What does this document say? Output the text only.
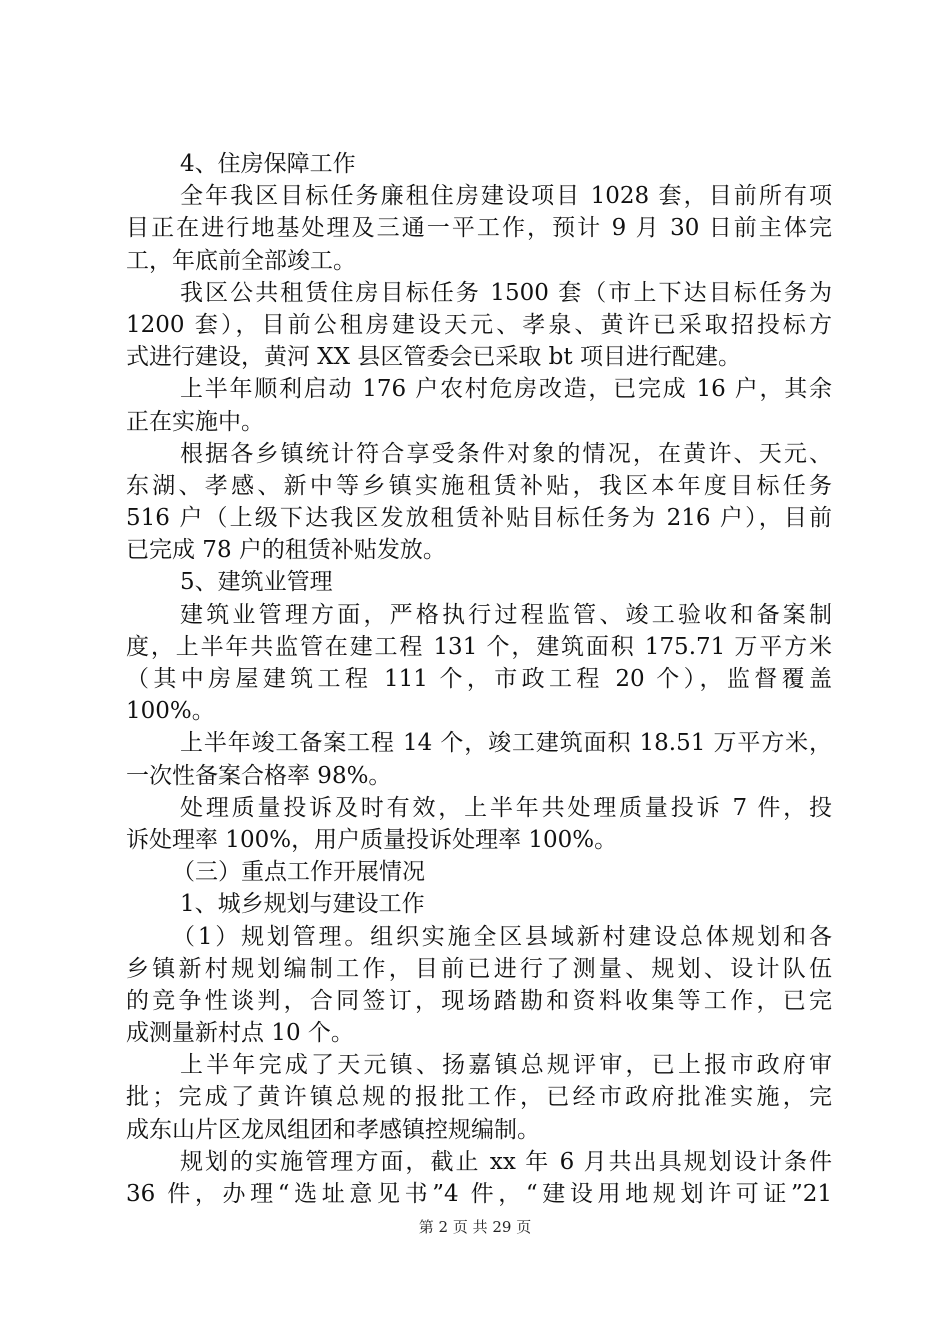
4、住房保障工作
全年我区目标任务廉租住房建设项目 1028 套，目前所有项
目正在进行地基处理及三通一平工作，预计 9 月 30 日前主体完
工，年底前全部竣工。
我区公共租赁住房目标任务 1500 套（市上下达目标任务为
1200 套），目前公租房建设天元、孝泉、黄许已采取招投标方
式进行建设，黄河 XX 县区管委会已采取 bt 项目进行配建。
上半年顺利启动 176 户农村危房改造，已完成 16 户，其余
正在实施中。
根据各乡镇统计符合享受条件对象的情况，在黄许、天元、
东湖、孝感、新中等乡镇实施租赁补贴，我区本年度目标任务
516 户（上级下达我区发放租赁补贴目标任务为 216 户），目前
已完成 78 户的租赁补贴发放。
5、建筑业管理
建筑业管理方面，严格执行过程监管、竣工验收和备案制
度，上半年共监管在建工程 131 个，建筑面积 175.71 万平方米
（其中房屋建筑工程 111 个，市政工程 20 个），监督覆盖
100%。
上半年竣工备案工程 14 个，竣工建筑面积 18.51 万平方米，
一次性备案合格率 98%。
处理质量投诉及时有效，上半年共处理质量投诉 7 件，投
诉处理率 100%，用户质量投诉处理率 100%。
（三）重点工作开展情况
1、城乡规划与建设工作
（1）规划管理。组织实施全区县域新村建设总体规划和各
乡镇新村规划编制工作，目前已进行了测量、规划、设计队伍
的竞争性谈判，合同签订，现场踏勘和资料收集等工作，已完
成测量新村点 10 个。
上半年完成了天元镇、扬嘉镇总规评审，已上报市政府审
批；完成了黄许镇总规的报批工作，已经市政府批准实施，完
成东山片区龙凤组团和孝感镇控规编制。
规划的实施管理方面，截止 xx 年 6 月共出具规划设计条件
36 件，办理“选址意见书”4 件，“建设用地规划许可证”21
第 2 页 共 29 页
